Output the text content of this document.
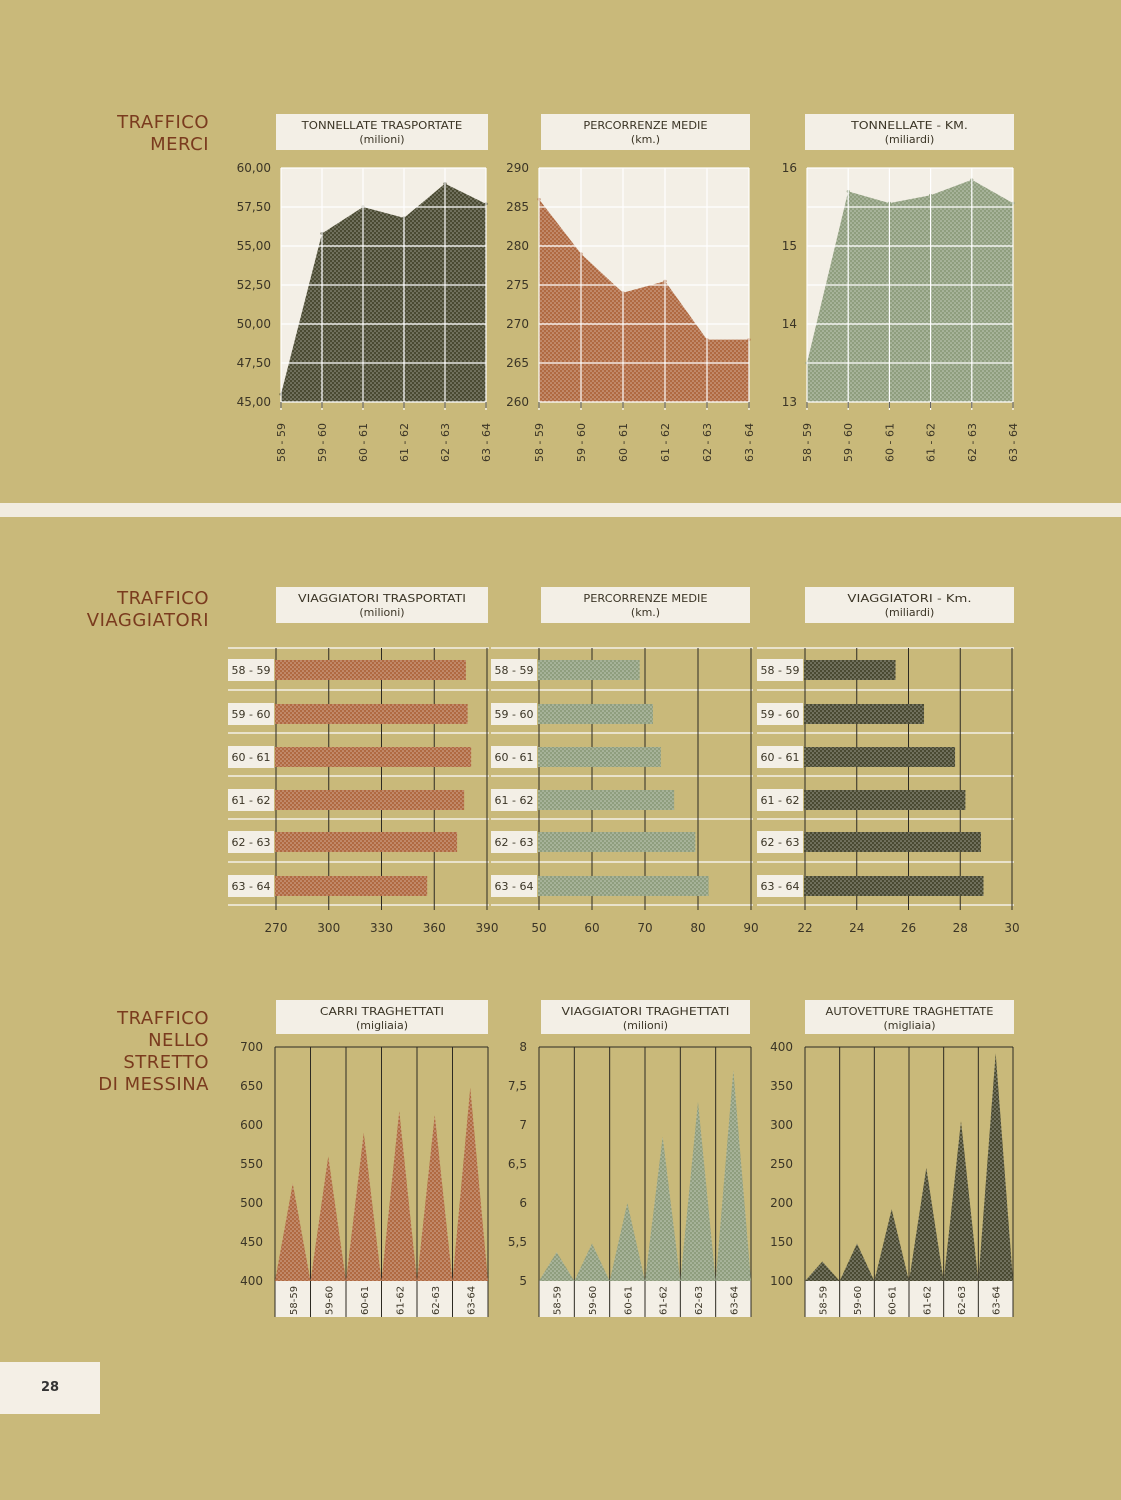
TRAFFICO
MERCI
TRAFFICO
VIAGGIATORI
TRAFFICO
NELLO
STRETTO
DI MESSINA
TONNELLATE TRASPORTATE
(milioni)
60,00
57,50
55,00
52,50
50,00
47,50
45,00
58 - 59	59 - 60	60 - 61	61 - 62	62 - 63	63 - 64
PERCORRENZE MEDIE
(km.)
290
285
280
275
270
265
260
58 - 59	59 - 60	60 - 61	61 - 62	62 - 63	63 - 64
TONNELLATE - KM.
(miliardi)
16
15
14
13
58 - 59	59 - 60	60 - 61	61 - 62	62 - 63	63 - 64
VIAGGIATORI TRASPORTATI
(milioni)
270 300 330 360 390
58 - 59
59 - 60
60 - 61
61 - 62
62 - 63
63 - 64
PERCORRENZE MEDIE
(km.)
50	60	70	80	90
58 - 59
59 - 60
60 - 61
61 - 62
62 - 63
63 - 64
VIAGGIATORI - Km.
(miliardi)
22	24	26	28	30
58 - 59
59 - 60
60 - 61
61 - 62
62 - 63
63 - 64
CARRI TRAGHETTATI
(migliaia)
700
650
600
550
500
450
400
58-59 59-60 60-61 61-62 62-63 63-64
VIAGGIATORI TRAGHETTATI
(milioni)
8
7,5
7
6,5
6
5,5
5
58-59 59-60 60-61 61-62 62-63 63-64
AUTOVETTURE TRAGHETTATE
(migliaia)
400
350
300
250
200
150
100
58-59 59-60 60-61 61-62 62-63 63-64
28
